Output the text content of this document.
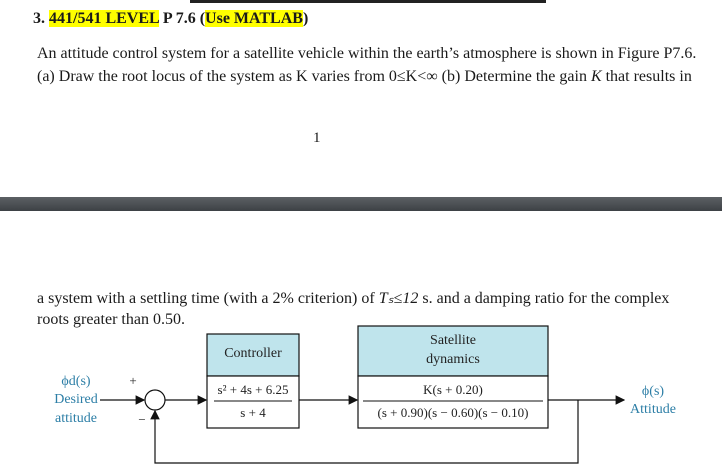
3. 441/541 LEVEL P 7.6 (Use MATLAB)
An attitude control system for a satellite vehicle within the earth’s atmosphere is shown in Figure P7.6.
(a) Draw the root locus of the system as K varies from 0≤K<∞ (b) Determine the gain K that results in
1
a system with a settling time (with a 2% criterion) of Tₛ≤12 s. and a damping ratio for the complex
roots greater than 0.50.
ϕd(s)
Desired
attitude
+
−
Controller
s² + 4s + 6.25
s + 4
Satellite
dynamics
K(s + 0.20)
(s + 0.90)(s − 0.60)(s − 0.10)
ϕ(s)
Attitude
